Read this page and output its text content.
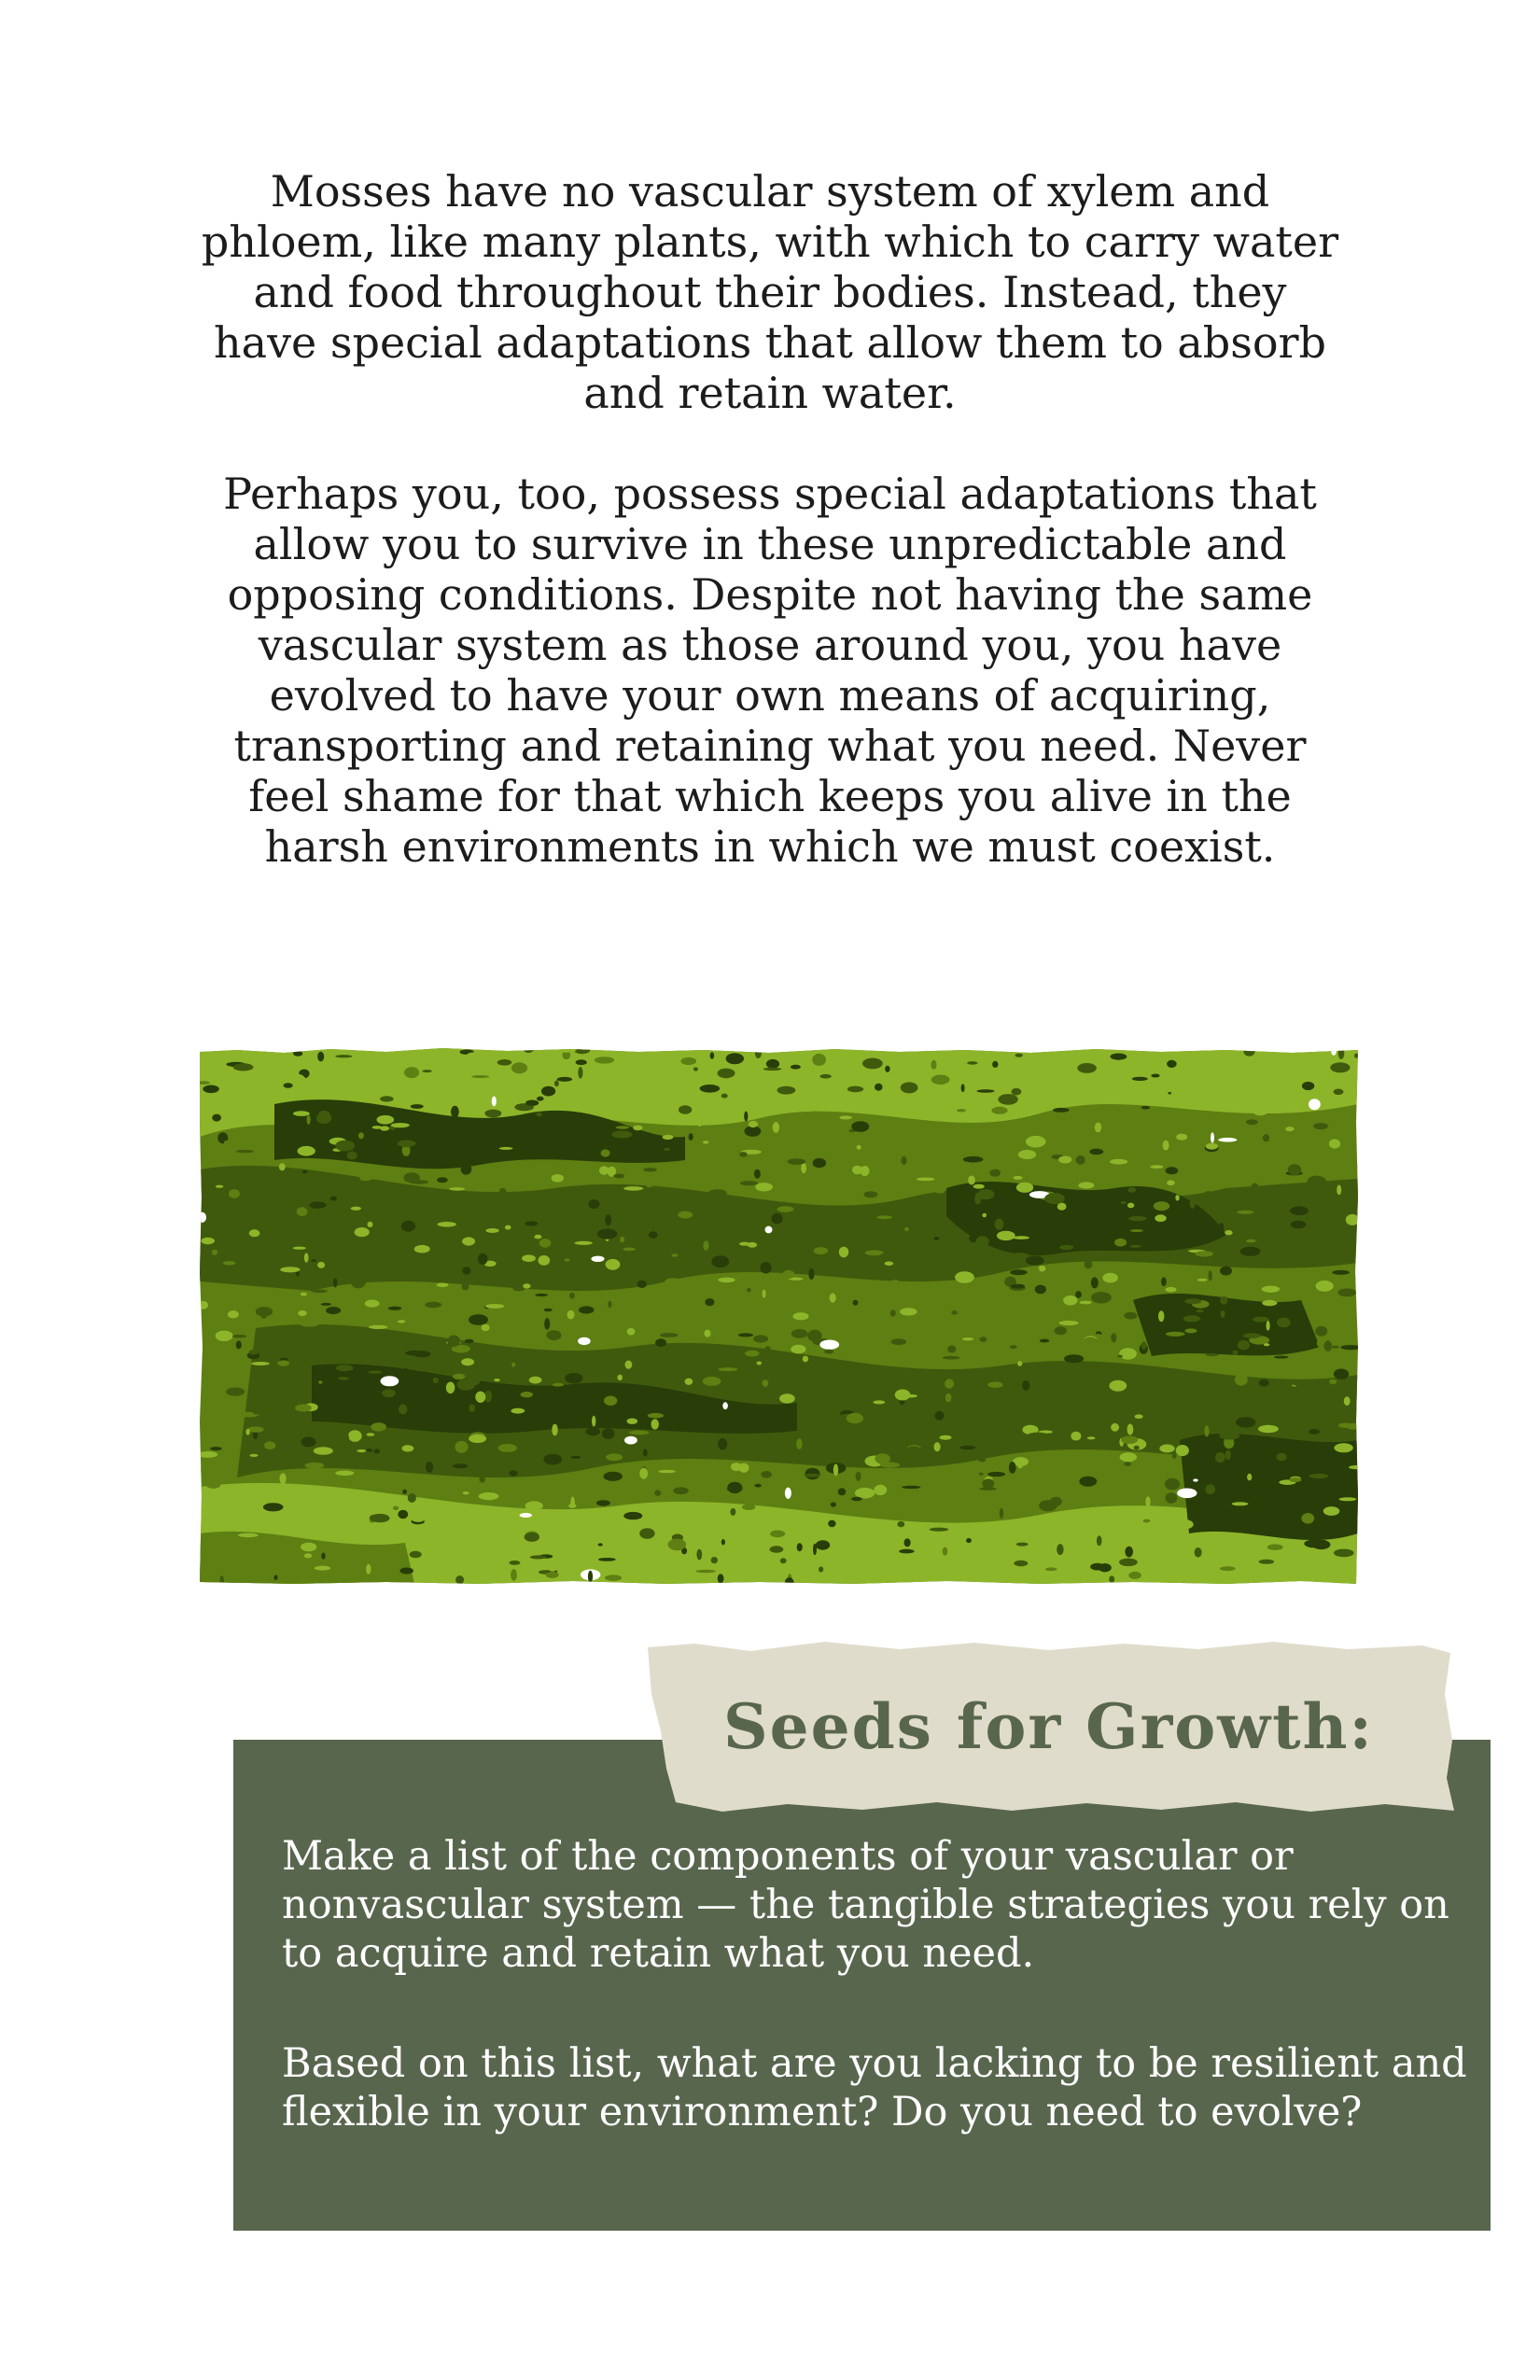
Mosses have no vascular system of xylem and phloem, like many plants, with which to carry water and food throughout their bodies. Instead, they have special adaptations that allow them to absorb and retain water.

Perhaps you, too, possess special adaptations that allow you to survive in these unpredictable and opposing conditions. Despite not having the same vascular system as those around you, you have evolved to have your own means of acquiring, transporting and retaining what you need. Never feel shame for that which keeps you alive in the harsh environments in which we must coexist.

Seeds for Growth:

Make a list of the components of your vascular or nonvascular system — the tangible strategies you rely on to acquire and retain what you need.

Based on this list, what are you lacking to be resilient and flexible in your environment? Do you need to evolve?
